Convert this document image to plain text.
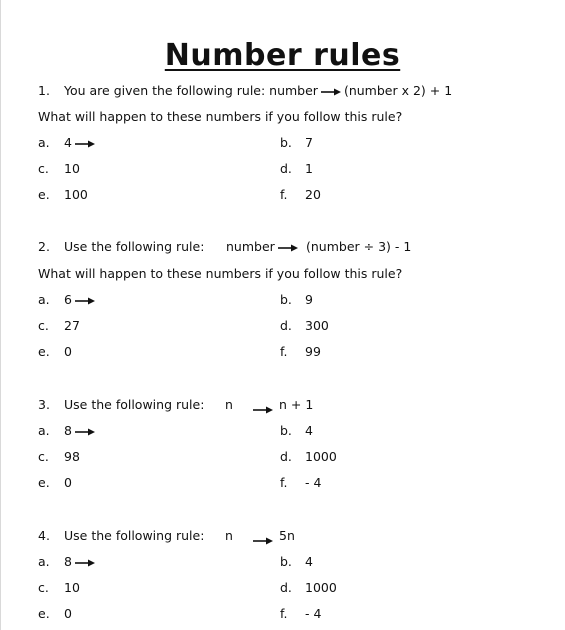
Number rules
1. You are given the following rule: number (number x 2) + 1
What will happen to these numbers if you follow this rule?
a. 4	b. 7
c. 10	d. 1
e. 100	f. 20
2. Use the following rule: number	(number ÷ 3) - 1
What will happen to these numbers if you follow this rule?
a. 6	b. 9
c. 27	d. 300
e. 0	f. 99
3. Use the following rule: n	n + 1
a. 8	b. 4
c. 98	d. 1000
e. 0	f. - 4
4. Use the following rule: n	5n
a. 8	b. 4
c. 10	d. 1000
e. 0	f. - 4
